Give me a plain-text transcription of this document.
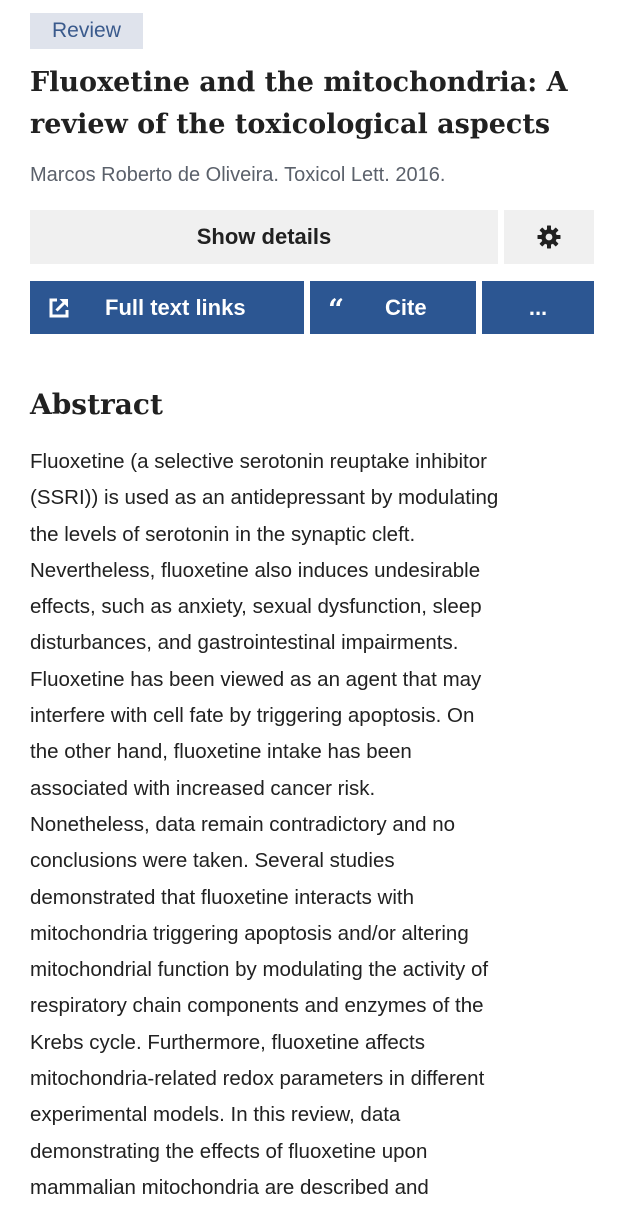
Review
Fluoxetine and the mitochondria: A
review of the toxicological aspects
Marcos Roberto de Oliveira. Toxicol Lett. 2016.
Show details
Full text links	“ Cite	...
Abstract

Fluoxetine (a selective serotonin reuptake inhibitor
(SSRI)) is used as an antidepressant by modulating
the levels of serotonin in the synaptic cleft.
Nevertheless, fluoxetine also induces undesirable
effects, such as anxiety, sexual dysfunction, sleep
disturbances, and gastrointestinal impairments.
Fluoxetine has been viewed as an agent that may
interfere with cell fate by triggering apoptosis. On
the other hand, fluoxetine intake has been
associated with increased cancer risk.
Nonetheless, data remain contradictory and no
conclusions were taken. Several studies
demonstrated that fluoxetine interacts with
mitochondria triggering apoptosis and/or altering
mitochondrial function by modulating the activity of
respiratory chain components and enzymes of the
Krebs cycle. Furthermore, fluoxetine affects
mitochondria-related redox parameters in different
experimental models. In this review, data
demonstrating the effects of fluoxetine upon
mammalian mitochondria are described and
